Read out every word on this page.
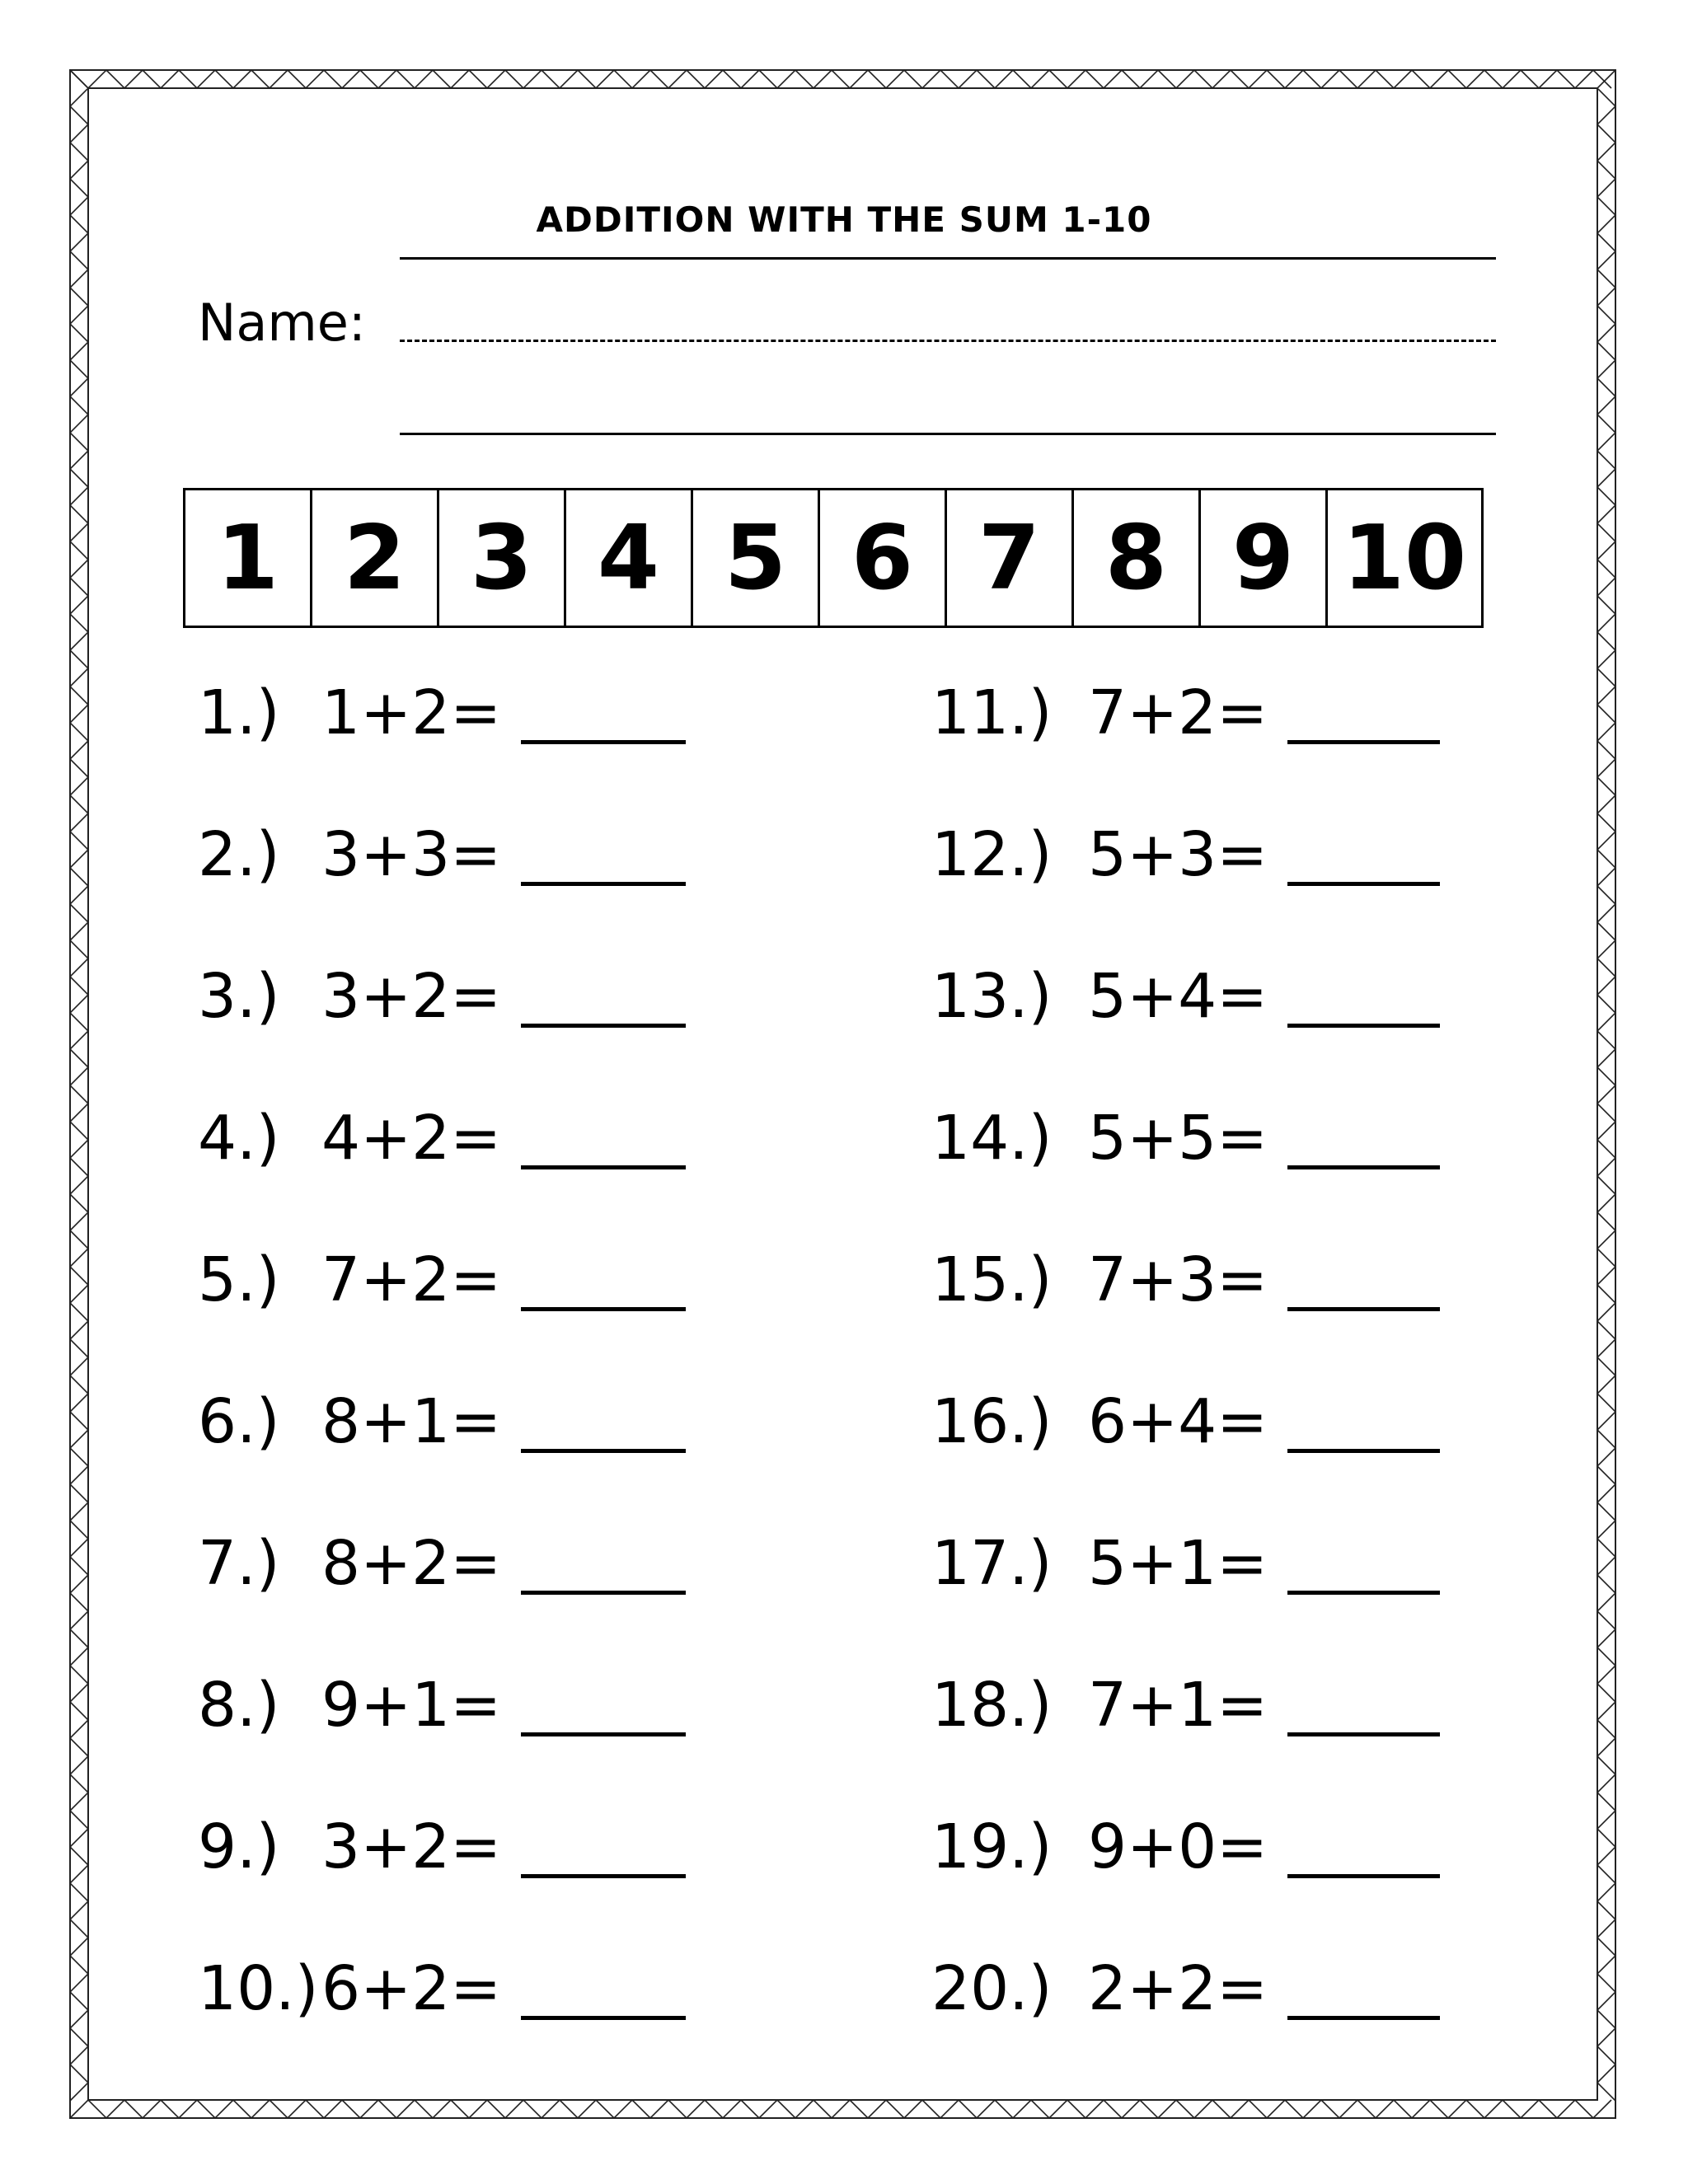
ADDITION WITH THE SUM 1-10
Name:
1 2 3 4 5 6 7 8 9 10
1.) 1+2=
2.) 3+3=
3.) 3+2=
4.) 4+2=
5.) 7+2=
6.) 8+1=
7.) 8+2=
8.) 9+1=
9.) 3+2=
10.) 6+2=
11.) 7+2=
12.) 5+3=
13.) 5+4=
14.) 5+5=
15.) 7+3=
16.) 6+4=
17.) 5+1=
18.) 7+1=
19.) 9+0=
20.) 2+2=
